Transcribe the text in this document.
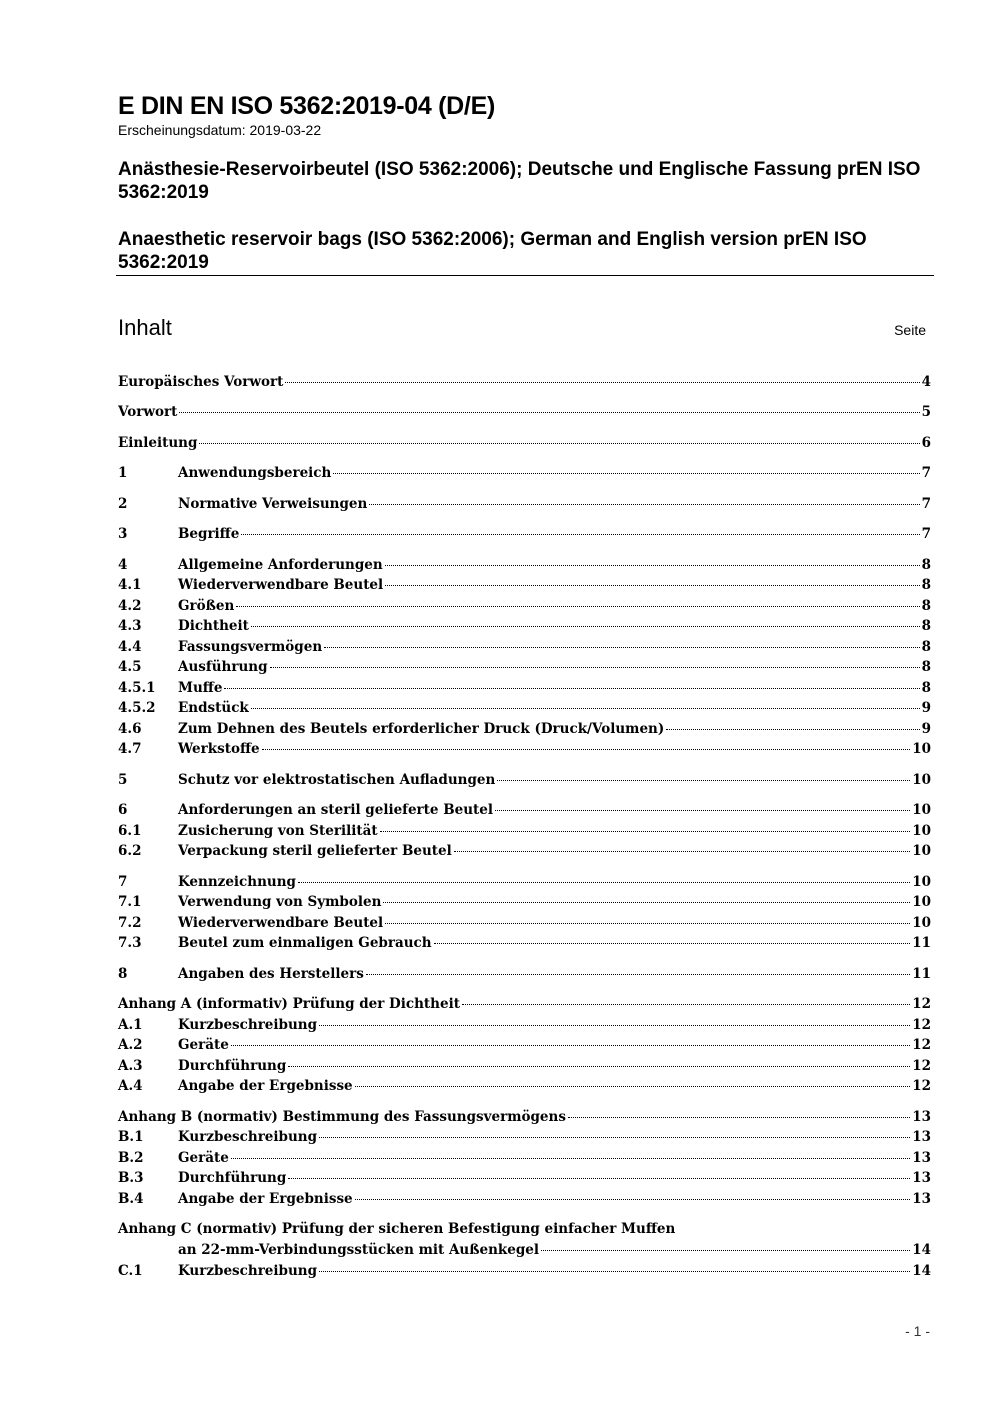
E DIN EN ISO 5362:2019-04 (D/E)
Erscheinungsdatum: 2019-03-22
Anästhesie-Reservoirbeutel (ISO 5362:2006); Deutsche und Englische Fassung prEN ISO 5362:2019
Anaesthetic reservoir bags (ISO 5362:2006); German and English version prEN ISO 5362:2019
Inhalt	Seite
Europäisches Vorwort	4
Vorwort	5
Einleitung	6
1	Anwendungsbereich	7
2	Normative Verweisungen	7
3	Begriffe	7
4	Allgemeine Anforderungen	8
4.1	Wiederverwendbare Beutel	8
4.2	Größen	8
4.3	Dichtheit	8
4.4	Fassungsvermögen	8
4.5	Ausführung	8
4.5.1	Muffe	8
4.5.2	Endstück	9
4.6	Zum Dehnen des Beutels erforderlicher Druck (Druck/Volumen)	9
4.7	Werkstoffe	10
5	Schutz vor elektrostatischen Aufladungen	10
6	Anforderungen an steril gelieferte Beutel	10
6.1	Zusicherung von Sterilität	10
6.2	Verpackung steril gelieferter Beutel	10
7	Kennzeichnung	10
7.1	Verwendung von Symbolen	10
7.2	Wiederverwendbare Beutel	10
7.3	Beutel zum einmaligen Gebrauch	11
8	Angaben des Herstellers	11
Anhang A (informativ) Prüfung der Dichtheit	12
A.1	Kurzbeschreibung	12
A.2	Geräte	12
A.3	Durchführung	12
A.4	Angabe der Ergebnisse	12
Anhang B (normativ) Bestimmung des Fassungsvermögens	13
B.1	Kurzbeschreibung	13
B.2	Geräte	13
B.3	Durchführung	13
B.4	Angabe der Ergebnisse	13
Anhang C (normativ) Prüfung der sicheren Befestigung einfacher Muffen
an 22-mm-Verbindungsstücken mit Außenkegel	14
C.1	Kurzbeschreibung	14
- 1 -
